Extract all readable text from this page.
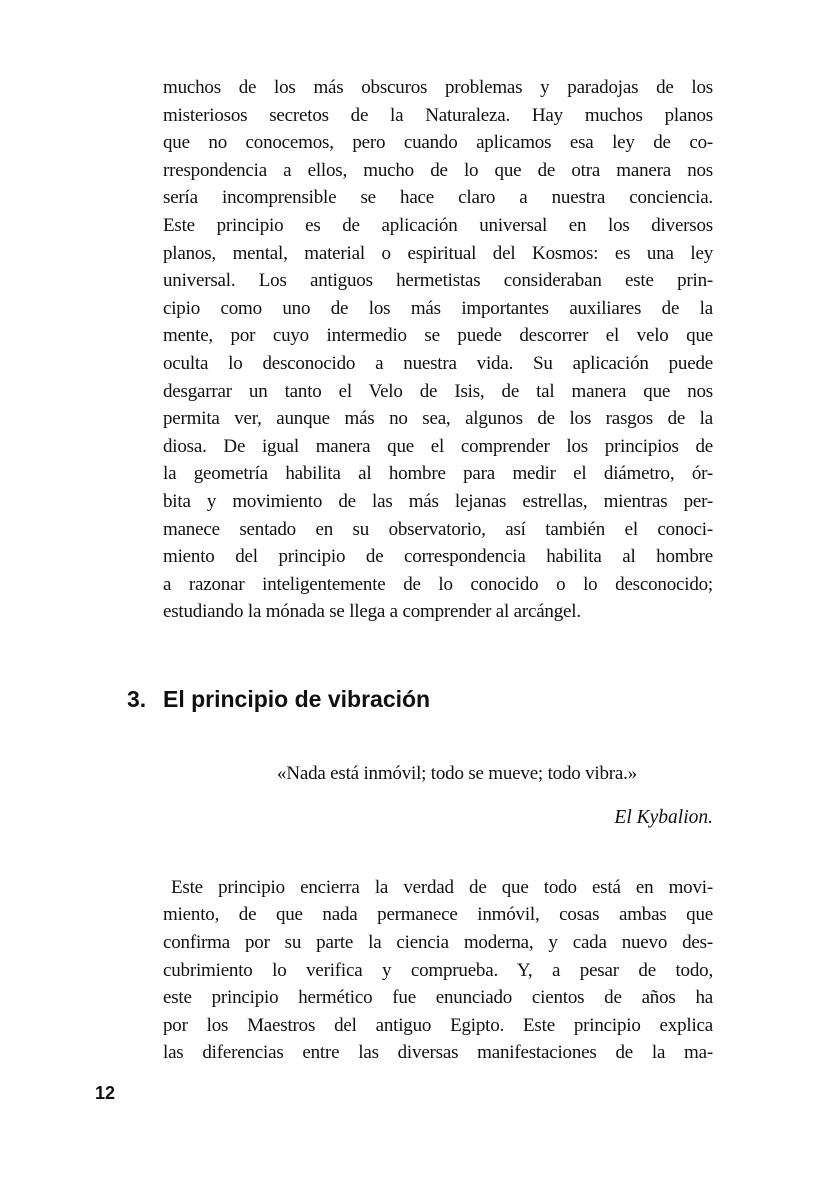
muchos de los más obscuros problemas y paradojas de los
misteriosos secretos de la Naturaleza. Hay muchos planos
que no conocemos, pero cuando aplicamos esa ley de co-
rrespondencia a ellos, mucho de lo que de otra manera nos
sería incomprensible se hace claro a nuestra conciencia.
Este principio es de aplicación universal en los diversos
planos, mental, material o espiritual del Kosmos: es una ley
universal. Los antiguos hermetistas consideraban este prin-
cipio como uno de los más importantes auxiliares de la
mente, por cuyo intermedio se puede descorrer el velo que
oculta lo desconocido a nuestra vida. Su aplicación puede
desgarrar un tanto el Velo de Isis, de tal manera que nos
permita ver, aunque más no sea, algunos de los rasgos de la
diosa. De igual manera que el comprender los principios de
la geometría habilita al hombre para medir el diámetro, ór-
bita y movimiento de las más lejanas estrellas, mientras per-
manece sentado en su observatorio, así también el conoci-
miento del principio de correspondencia habilita al hombre
a razonar inteligentemente de lo conocido o lo desconocido;
estudiando la mónada se llega a comprender al arcángel.
3. El principio de vibración
«Nada está inmóvil; todo se mueve; todo vibra.»
El Kybalion.
Este principio encierra la verdad de que todo está en movi-
miento, de que nada permanece inmóvil, cosas ambas que
confirma por su parte la ciencia moderna, y cada nuevo des-
cubrimiento lo verifica y comprueba. Y, a pesar de todo,
este principio hermético fue enunciado cientos de años ha
por los Maestros del antiguo Egipto. Este principio explica
las diferencias entre las diversas manifestaciones de la ma-
12
